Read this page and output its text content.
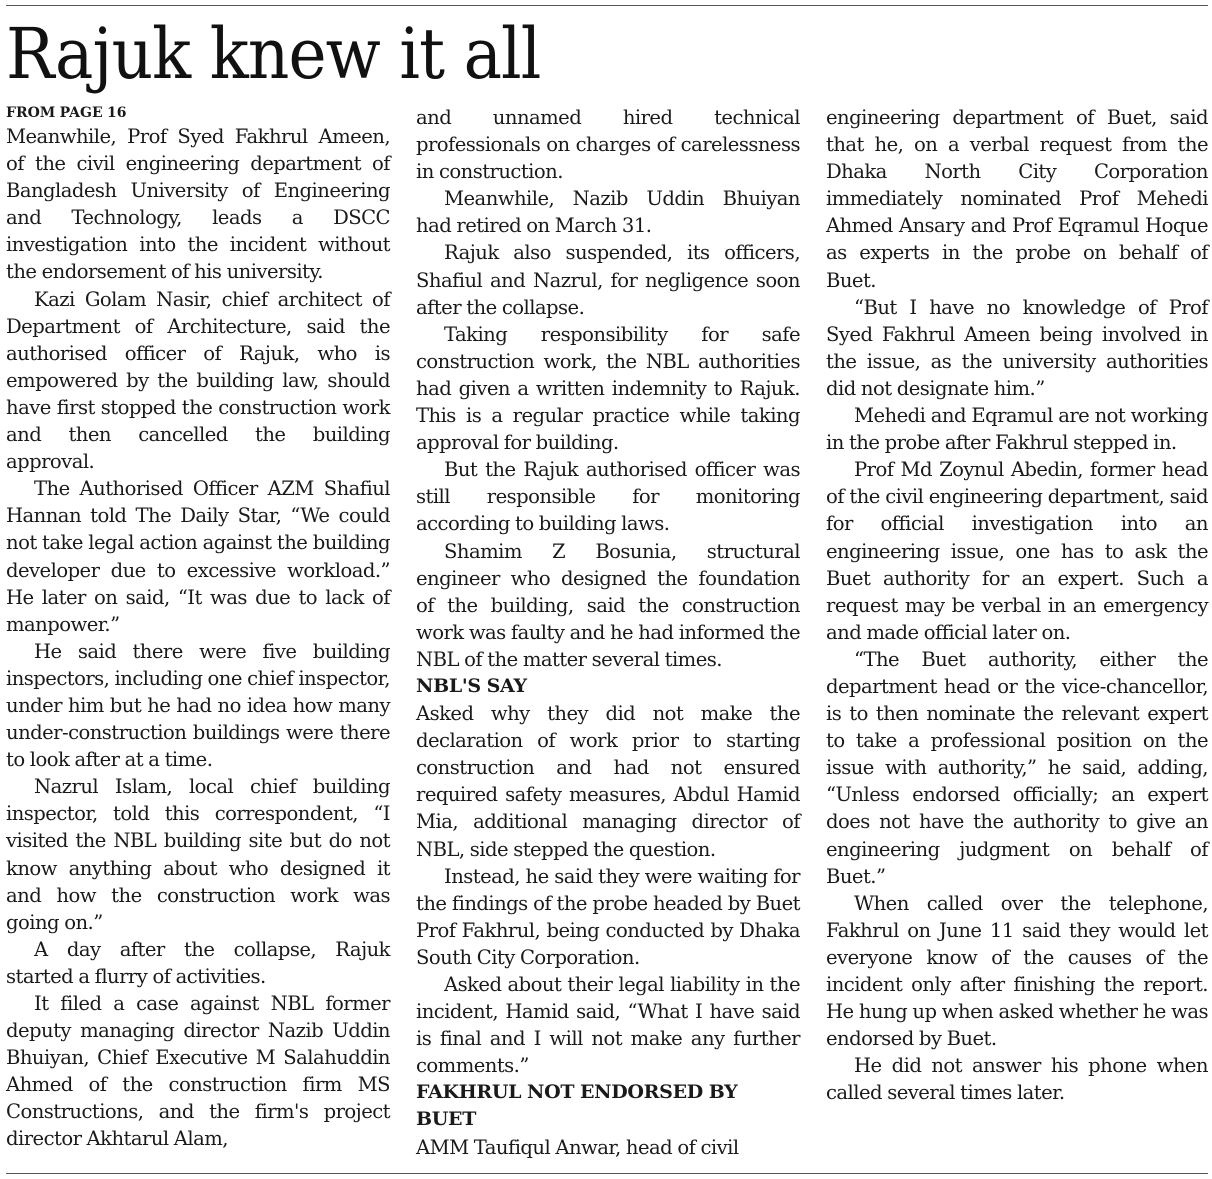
Rajuk knew it all
FROM PAGE 16

Meanwhile, Prof Syed Fakhrul Ameen, of the civil engineering department of Bangladesh University of Engineering and Technology, leads a DSCC investigation into the incident without the endorsement of his university.

Kazi Golam Nasir, chief architect of Department of Architecture, said the authorised officer of Rajuk, who is empowered by the building law, should have first stopped the construction work and then cancelled the building approval.

The Authorised Officer AZM Shafiul Hannan told The Daily Star, “We could not take legal action against the building developer due to excessive workload.” He later on said, “It was due to lack of manpower.”

He said there were five building inspectors, including one chief inspector, under him but he had no idea how many under-construction buildings were there to look after at a time.

Nazrul Islam, local chief building inspector, told this correspondent, “I visited the NBL building site but do not know anything about who designed it and how the construction work was going on.”

A day after the collapse, Rajuk started a flurry of activities.

It filed a case against NBL former deputy managing director Nazib Uddin Bhuiyan, Chief Executive M Salahuddin Ahmed of the construction firm MS Constructions, and the firm's project director Akhtarul Alam,

and unnamed hired technical professionals on charges of carelessness in construction.

Meanwhile, Nazib Uddin Bhuiyan had retired on March 31.

Rajuk also suspended, its officers, Shafiul and Nazrul, for negligence soon after the collapse.

Taking responsibility for safe construction work, the NBL authorities had given a written indemnity to Rajuk. This is a regular practice while taking approval for building.

But the Rajuk authorised officer was still responsible for monitoring according to building laws.

Shamim Z Bosunia, structural engineer who designed the foundation of the building, said the construction work was faulty and he had informed the NBL of the matter several times.

NBL'S SAY

Asked why they did not make the declaration of work prior to starting construction and had not ensured required safety measures, Abdul Hamid Mia, additional managing director of NBL, side stepped the question.

Instead, he said they were waiting for the findings of the probe headed by Buet Prof Fakhrul, being conducted by Dhaka South City Corporation.

Asked about their legal liability in the incident, Hamid said, “What I have said is final and I will not make any further comments.”

FAKHRUL NOT ENDORSED BY BUET

AMM Taufiqul Anwar, head of civil

engineering department of Buet, said that he, on a verbal request from the Dhaka North City Corporation immediately nominated Prof Mehedi Ahmed Ansary and Prof Eqramul Hoque as experts in the probe on behalf of Buet.

“But I have no knowledge of Prof Syed Fakhrul Ameen being involved in the issue, as the university authorities did not designate him.”

Mehedi and Eqramul are not working in the probe after Fakhrul stepped in.

Prof Md Zoynul Abedin, former head of the civil engineering department, said for official investigation into an engineering issue, one has to ask the Buet authority for an expert. Such a request may be verbal in an emergency and made official later on.

“The Buet authority, either the department head or the vice-chancellor, is to then nominate the relevant expert to take a professional position on the issue with authority,” he said, adding, “Unless endorsed officially; an expert does not have the authority to give an engineering judgment on behalf of Buet.”

When called over the telephone, Fakhrul on June 11 said they would let everyone know of the causes of the incident only after finishing the report. He hung up when asked whether he was endorsed by Buet.

He did not answer his phone when called several times later.
